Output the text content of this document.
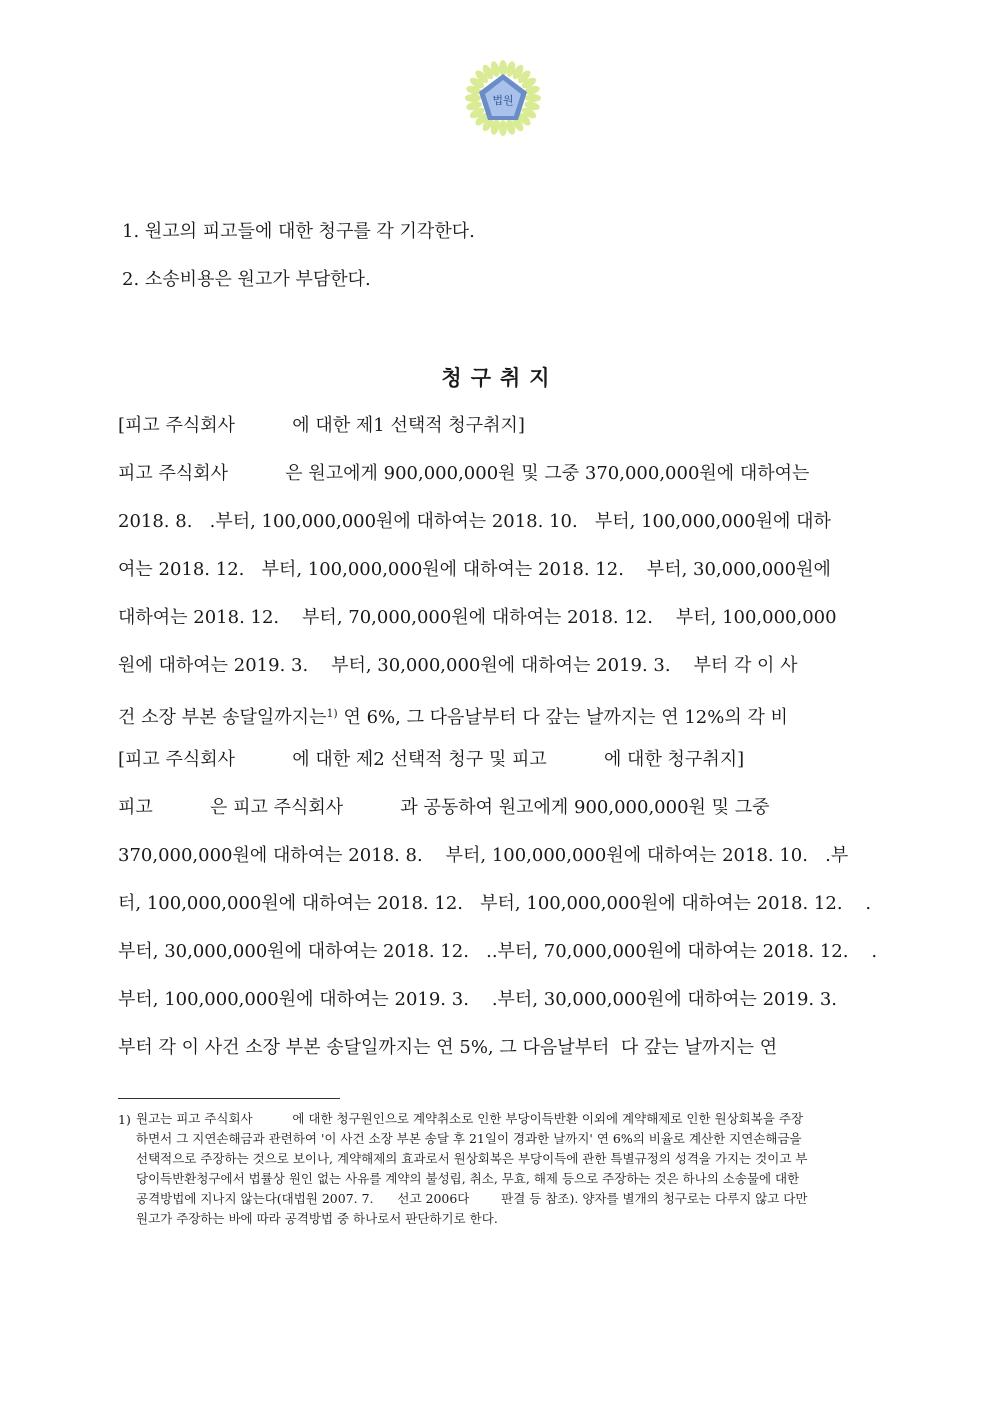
법원
1. 원고의 피고들에 대한 청구를 각 기각한다.
2. 소송비용은 원고가 부담한다.
청구취지
[피고 주식회사          에 대한 제1 선택적 청구취지]
피고 주식회사          은 원고에게 900,000,000원 및 그중 370,000,000원에 대하여는
2018. 8.   .부터, 100,000,000원에 대하여는 2018. 10.   부터, 100,000,000원에 대하
여는 2018. 12.   부터, 100,000,000원에 대하여는 2018. 12.    부터, 30,000,000원에
대하여는 2018. 12.    부터, 70,000,000원에 대하여는 2018. 12.    부터, 100,000,000
원에 대하여는 2019. 3.    부터, 30,000,000원에 대하여는 2019. 3.    부터 각 이 사
건 소장 부본 송달일까지는$^{1)}$ 연 6%, 그 다음날부터 다 갚는 날까지는 연 12%의 각 비
[피고 주식회사          에 대한 제2 선택적 청구 및 피고          에 대한 청구취지]
피고          은 피고 주식회사          과 공동하여 원고에게 900,000,000원 및 그중
370,000,000원에 대하여는 2018. 8.    부터, 100,000,000원에 대하여는 2018. 10.   .부
터, 100,000,000원에 대하여는 2018. 12.   부터, 100,000,000원에 대하여는 2018. 12.    .
부터, 30,000,000원에 대하여는 2018. 12.   ..부터, 70,000,000원에 대하여는 2018. 12.    .
부터, 100,000,000원에 대하여는 2019. 3.    .부터, 30,000,000원에 대하여는 2019. 3.
부터 각 이 사건 소장 부본 송달일까지는 연 5%, 그 다음날부터  다 갚는 날까지는 연
1) 원고는 피고 주식회사          에 대한 청구원인으로 계약취소로 인한 부당이득반환 이외에 계약해제로 인한 원상회복을 주장
하면서 그 지연손해금과 관련하여 '이 사건 소장 부본 송달 후 21일이 경과한 날까지' 연 6%의 비율로 계산한 지연손해금을
선택적으로 주장하는 것으로 보이나, 계약해제의 효과로서 원상회복은 부당이득에 관한 특별규정의 성격을 가지는 것이고 부
당이득반환청구에서 법률상 원인 없는 사유를 계약의 불성립, 취소, 무효, 해제 등으로 주장하는 것은 하나의 소송물에 대한
공격방법에 지나지 않는다(대법원 2007. 7.      선고 2006다        판결 등 참조). 양자를 별개의 청구로는 다루지 않고 다만
원고가 주장하는 바에 따라 공격방법 중 하나로서 판단하기로 한다.
